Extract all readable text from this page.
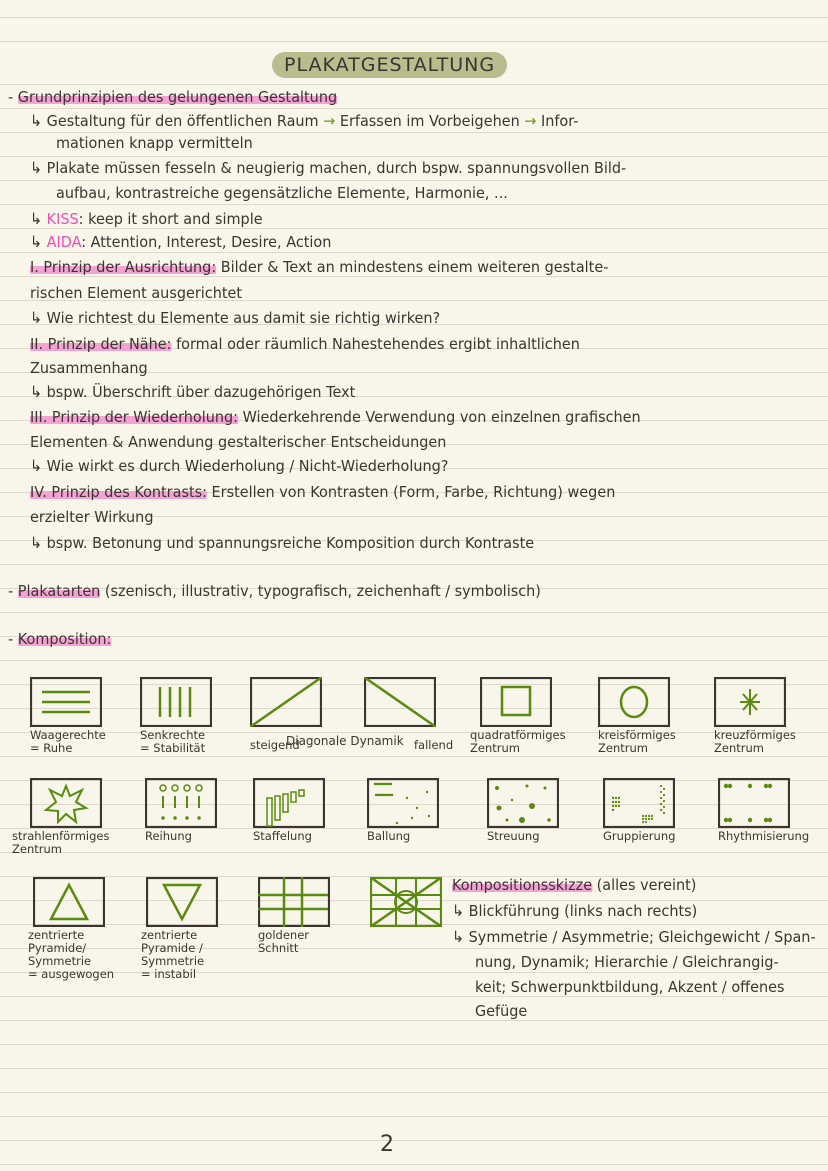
PLAKATGESTALTUNG
- Grundprinzipien des gelungenen Gestaltung
↳ Gestaltung für den öffentlichen Raum → Erfassen im Vorbeigehen → Infor-
mationen knapp vermitteln
↳ Plakate müssen fesseln & neugierig machen, durch bspw. spannungsvollen Bild-
aufbau, kontrastreiche gegensätzliche Elemente, Harmonie, ...
↳ KISS: keep it short and simple
↳ AIDA: Attention, Interest, Desire, Action
I. Prinzip der Ausrichtung: Bilder & Text an mindestens einem weiteren gestalte-
rischen Element ausgerichtet
↳ Wie richtest du Elemente aus damit sie richtig wirken?
II. Prinzip der Nähe: formal oder räumlich Nahestehendes ergibt inhaltlichen
Zusammenhang
↳ bspw. Überschrift über dazugehörigen Text
III. Prinzip der Wiederholung: Wiederkehrende Verwendung von einzelnen grafischen
Elementen & Anwendung gestalterischer Entscheidungen
↳ Wie wirkt es durch Wiederholung / Nicht-Wiederholung?
IV. Prinzip des Kontrasts: Erstellen von Kontrasten (Form, Farbe, Richtung) wegen
erzielter Wirkung
↳ bspw. Betonung und spannungsreiche Komposition durch Kontraste
- Plakatarten (szenisch, illustrativ, typografisch, zeichenhaft / symbolisch)
- Komposition:
Kompositionsskizze (alles vereint)
↳ Blickführung (links nach rechts)
↳ Symmetrie / Asymmetrie; Gleichgewicht / Span-
nung, Dynamik; Hierarchie / Gleichrangig-
keit; Schwerpunktbildung, Akzent / offenes
Gefüge
Waagerechte
= Ruhe
Senkrechte
= Stabilität	steigend	fallend
quadratförmiges
Zentrum
kreisförmiges
Zentrum
kreuzförmiges
Zentrum
strahlenförmiges
Zentrum
Reihung	Staffelung	Ballung	Streuung	Gruppierung	Rhythmisierung
zentrierte
Pyramide/
Symmetrie
= ausgewogen
zentrierte
Pyramide /
Symmetrie
= instabil
goldener
Schnitt
Diagonale Dynamik
2
